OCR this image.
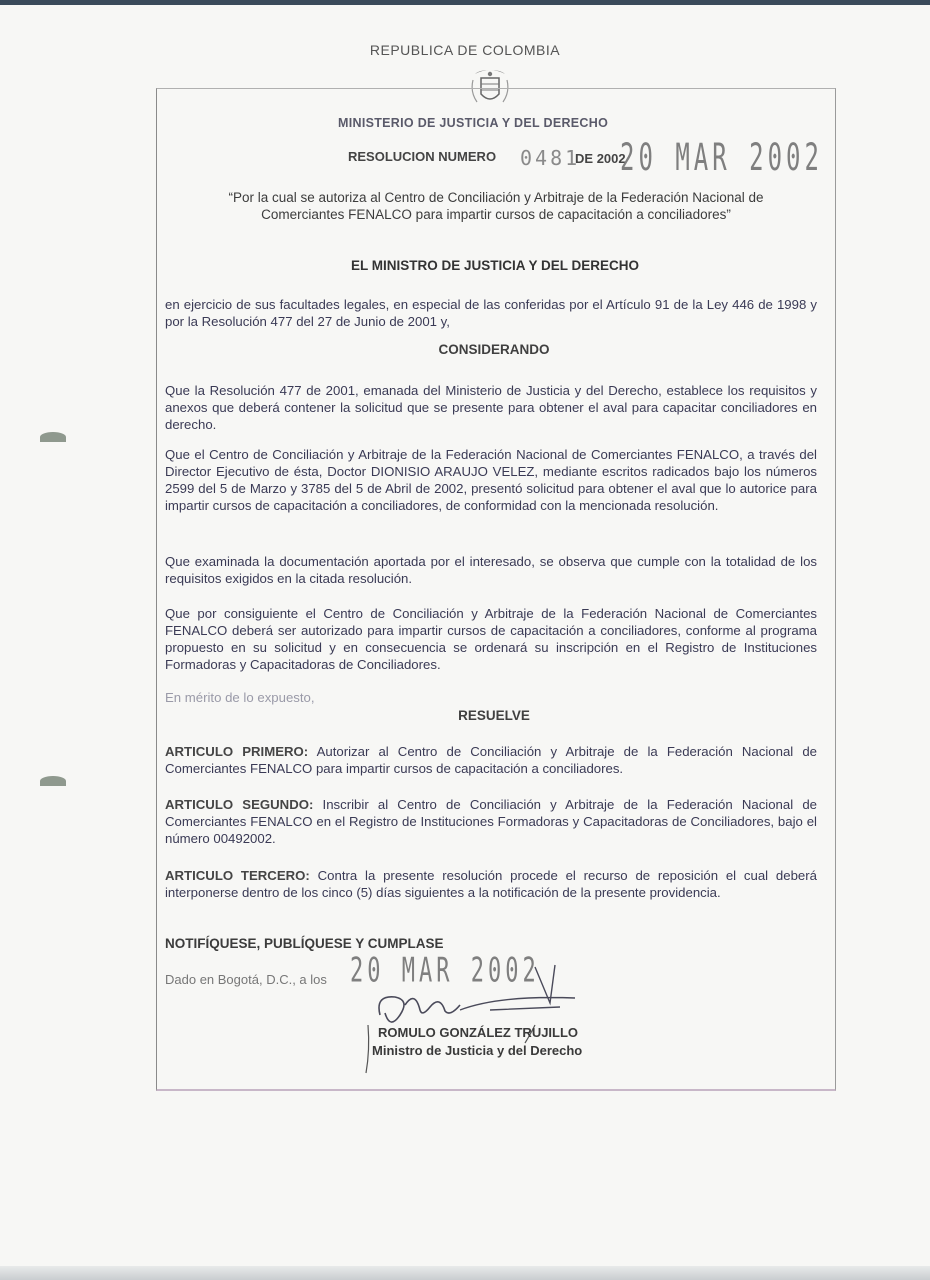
REPUBLICA DE COLOMBIA
MINISTERIO DE JUSTICIA Y DEL DERECHO
RESOLUCION NUMERO 0481
DE 2002
20 MAR 2002
“Por la cual se autoriza al Centro de Conciliación y Arbitraje de la Federación Nacional de Comerciantes FENALCO para impartir cursos de capacitación a conciliadores”
EL MINISTRO DE JUSTICIA Y DEL DERECHO
en ejercicio de sus facultades legales, en especial de las conferidas por el Artículo 91 de la Ley 446 de 1998 y por la Resolución 477 del 27 de Junio de 2001 y,
CONSIDERANDO
Que la Resolución 477 de 2001, emanada del Ministerio de Justicia y del Derecho, establece los requisitos y anexos que deberá contener la solicitud que se presente para obtener el aval para capacitar conciliadores en derecho.
Que el Centro de Conciliación y Arbitraje de la Federación Nacional de Comerciantes FENALCO, a través del Director Ejecutivo de ésta, Doctor DIONISIO ARAUJO VELEZ, mediante escritos radicados bajo los números 2599 del 5 de Marzo y 3785 del 5 de Abril de 2002, presentó solicitud para obtener el aval que lo autorice para impartir cursos de capacitación a conciliadores, de conformidad con la mencionada resolución.
Que examinada la documentación aportada por el interesado, se observa que cumple con la totalidad de los requisitos exigidos en la citada resolución.
Que por consiguiente el Centro de Conciliación y Arbitraje de la Federación Nacional de Comerciantes FENALCO deberá ser autorizado para impartir cursos de capacitación a conciliadores, conforme al programa propuesto en su solicitud y en consecuencia se ordenará su inscripción en el Registro de Instituciones Formadoras y Capacitadoras de Conciliadores.
En mérito de lo expuesto,
RESUELVE
ARTICULO PRIMERO: Autorizar al Centro de Conciliación y Arbitraje de la Federación Nacional de Comerciantes FENALCO para impartir cursos de capacitación a conciliadores.
ARTICULO SEGUNDO: Inscribir al Centro de Conciliación y Arbitraje de la Federación Nacional de Comerciantes FENALCO en el Registro de Instituciones Formadoras y Capacitadoras de Conciliadores, bajo el número 00492002.
ARTICULO TERCERO: Contra la presente resolución procede el recurso de reposición el cual deberá interponerse dentro de los cinco (5) días siguientes a la notificación de la presente providencia.
NOTIFÍQUESE, PUBLÍQUESE Y CUMPLASE
Dado en Bogotá, D.C., a los 20 MAR 2002
ROMULO GONZÁLEZ TRUJILLO
Ministro de Justicia y del Derecho
